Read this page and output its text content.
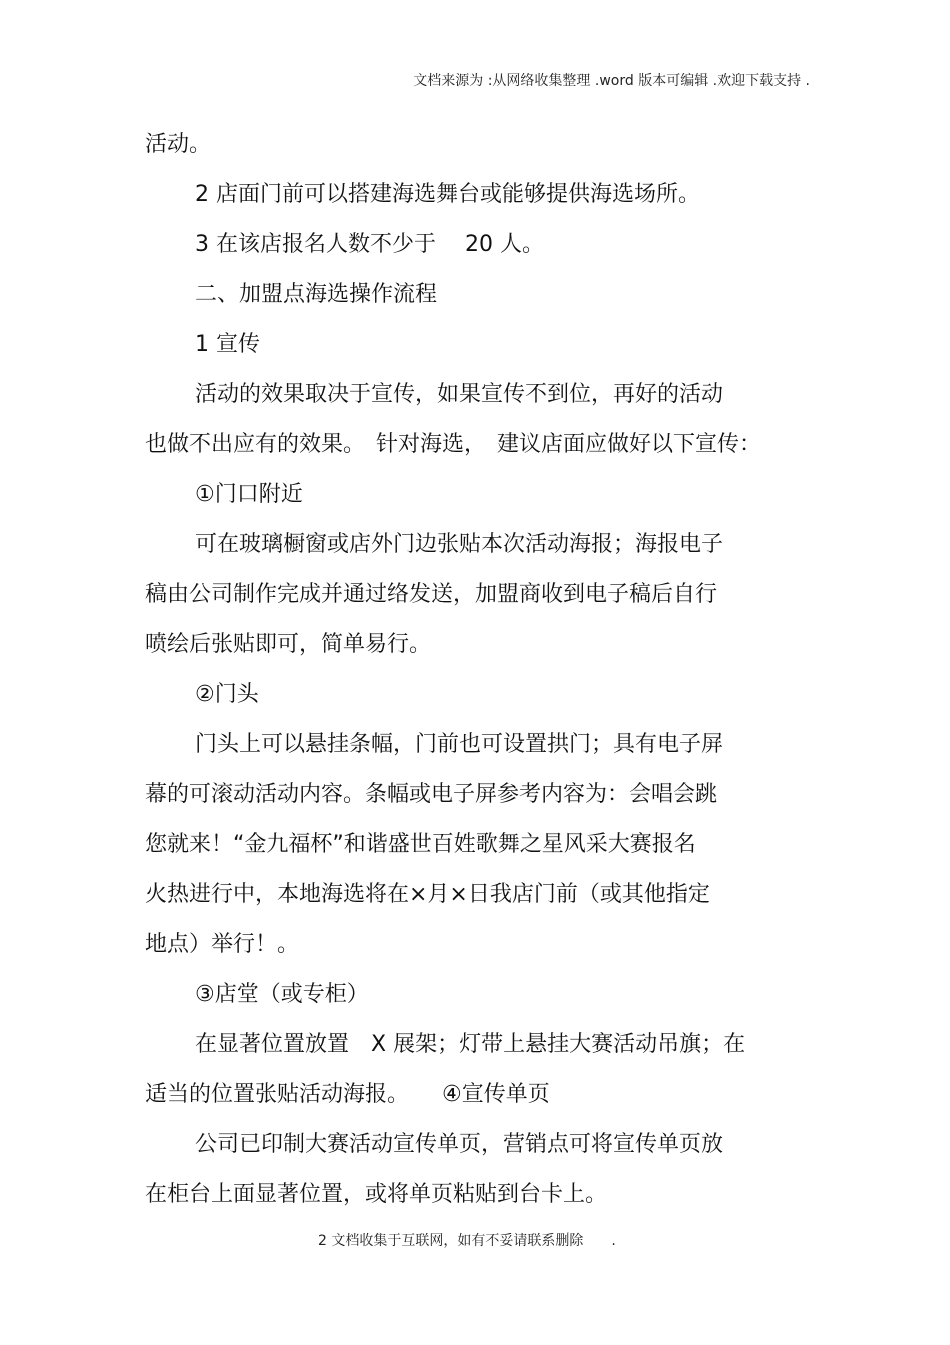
文档来源为 :从网络收集整理 .word 版本可编辑 .欢迎下载支持 .
活动。
2 店面门前可以搭建海选舞台或能够提供海选场所。
3 在该店报名人数不少于　 20 人。
二、加盟点海选操作流程
1 宣传
活动的效果取决于宣传，如果宣传不到位，再好的活动
也做不出应有的效果。　针对海选，　建议店面应做好以下宣传：
①门口附近
可在玻璃橱窗或店外门边张贴本次活动海报；海报电子
稿由公司制作完成并通过络发送，加盟商收到电子稿后自行
喷绘后张贴即可，简单易行。
②门头
门头上可以悬挂条幅，门前也可设置拱门；具有电子屏
幕的可滚动活动内容。条幅或电子屏参考内容为：会唱会跳
您就来！“金九福杯”和谐盛世百姓歌舞之星风采大赛报名
火热进行中，本地海选将在×月×日我店门前（或其他指定
地点）举行！。
③店堂（或专柜）
在显著位置放置　X 展架；灯带上悬挂大赛活动吊旗；在
适当的位置张贴活动海报。　　④宣传单页
公司已印制大赛活动宣传单页，营销点可将宣传单页放
在柜台上面显著位置，或将单页粘贴到台卡上。
2 文档收集于互联网，如有不妥请联系删除　　.
